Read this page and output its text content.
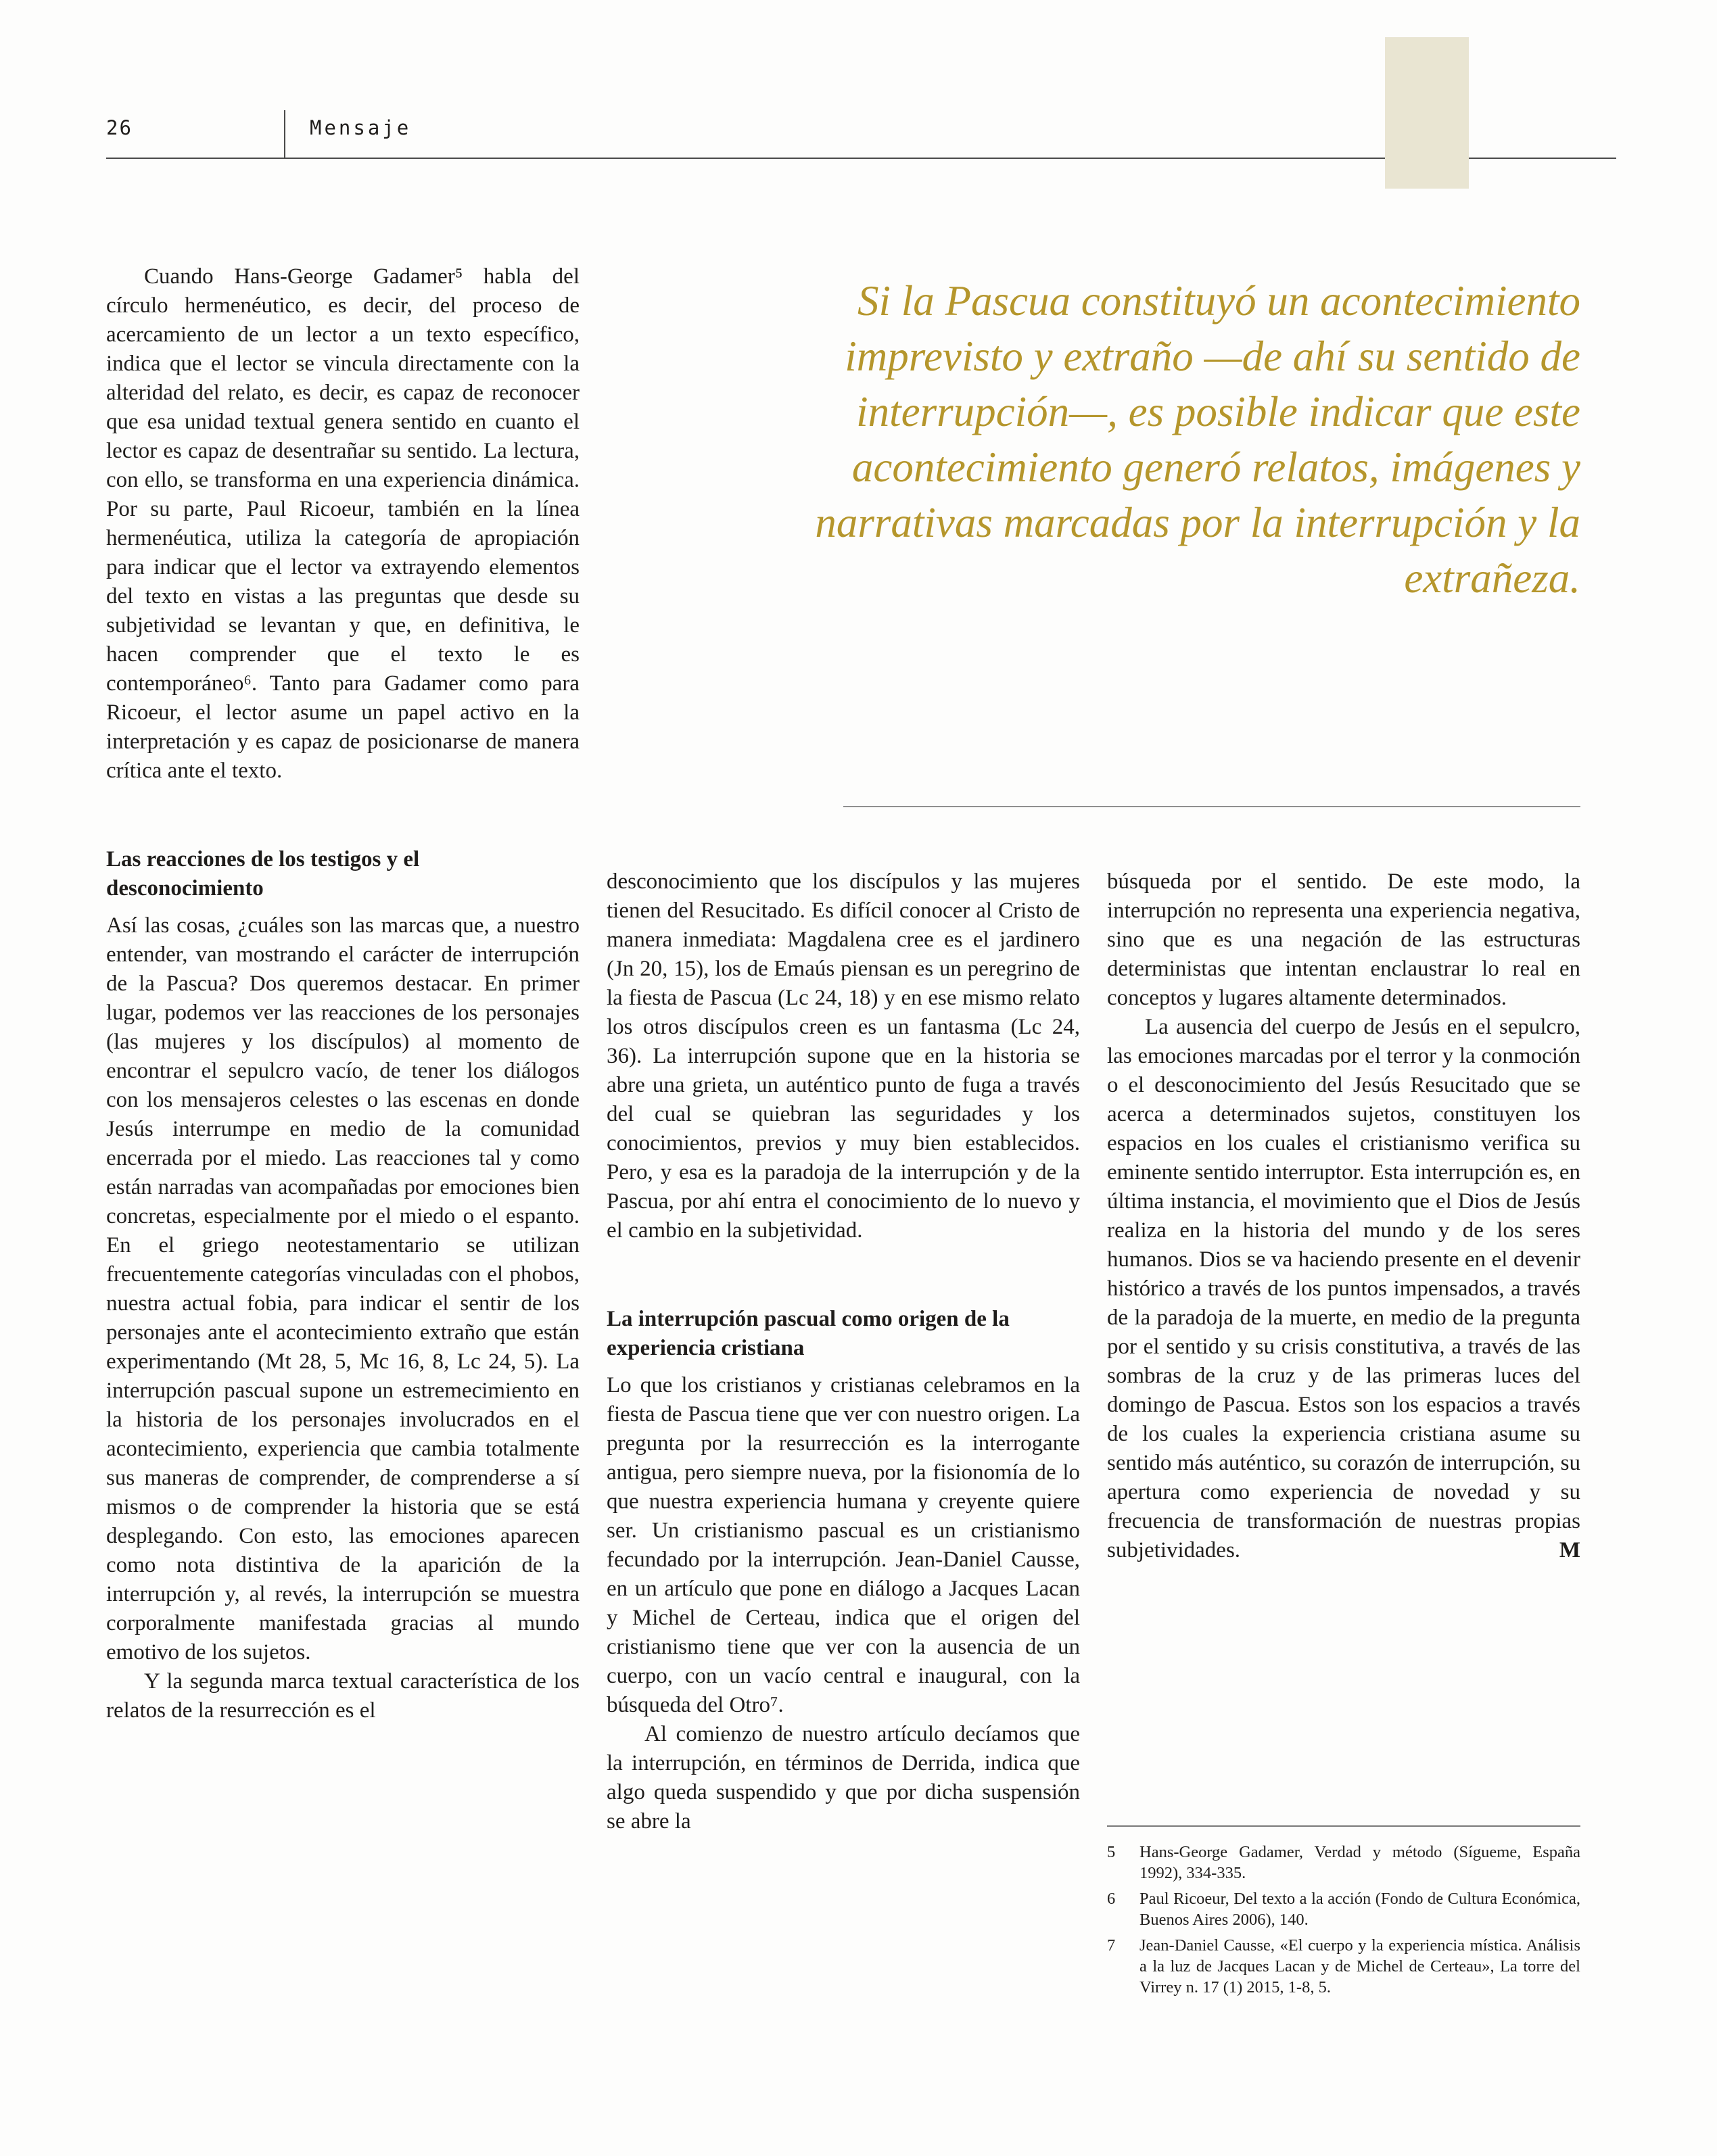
26	Mensaje
Si la Pascua constituyó un acontecimiento imprevisto y extraño —de ahí su sentido de interrupción—, es posible indicar que este acontecimiento generó relatos, imágenes y narrativas marcadas por la interrupción y la extrañeza.

Cuando Hans-George Gadamer⁵ habla del círculo hermenéutico, es decir, del proceso de acercamiento de un lector a un texto específico, indica que el lector se vincula directamente con la alteridad del relato, es decir, es capaz de reconocer que esa unidad textual genera sentido en cuanto el lector es capaz de desentrañar su sentido. La lectura, con ello, se transforma en una experiencia dinámica. Por su parte, Paul Ricoeur, también en la línea hermenéutica, utiliza la categoría de apropiación para indicar que el lector va extrayendo elementos del texto en vistas a las preguntas que desde su subjetividad se levantan y que, en definitiva, le hacen comprender que el texto le es contemporáneo⁶. Tanto para Gadamer como para Ricoeur, el lector asume un papel activo en la interpretación y es capaz de posicionarse de manera crítica ante el texto.

Las reacciones de los testigos y el desconocimiento

Así las cosas, ¿cuáles son las marcas que, a nuestro entender, van mostrando el carácter de interrupción de la Pascua? Dos queremos destacar. En primer lugar, podemos ver las reacciones de los personajes (las mujeres y los discípulos) al momento de encontrar el sepulcro vacío, de tener los diálogos con los mensajeros celestes o las escenas en donde Jesús interrumpe en medio de la comunidad encerrada por el miedo. Las reacciones tal y como están narradas van acompañadas por emociones bien concretas, especialmente por el miedo o el espanto. En el griego neotestamentario se utilizan frecuentemente categorías vinculadas con el phobos, nuestra actual fobia, para indicar el sentir de los personajes ante el acontecimiento extraño que están experimentando (Mt 28, 5, Mc 16, 8, Lc 24, 5). La interrupción pascual supone un estremecimiento en la historia de los personajes involucrados en el acontecimiento, experiencia que cambia totalmente sus maneras de comprender, de comprenderse a sí mismos o de comprender la historia que se está desplegando. Con esto, las emociones aparecen como nota distintiva de la aparición de la interrupción y, al revés, la interrupción se muestra corporalmente manifestada gracias al mundo emotivo de los sujetos.

Y la segunda marca textual característica de los relatos de la resurrección es el

desconocimiento que los discípulos y las mujeres tienen del Resucitado. Es difícil conocer al Cristo de manera inmediata: Magdalena cree es el jardinero (Jn 20, 15), los de Emaús piensan es un peregrino de la fiesta de Pascua (Lc 24, 18) y en ese mismo relato los otros discípulos creen es un fantasma (Lc 24, 36). La interrupción supone que en la historia se abre una grieta, un auténtico punto de fuga a través del cual se quiebran las seguridades y los conocimientos, previos y muy bien establecidos. Pero, y esa es la paradoja de la interrupción y de la Pascua, por ahí entra el conocimiento de lo nuevo y el cambio en la subjetividad.

La interrupción pascual como origen de la experiencia cristiana

Lo que los cristianos y cristianas celebramos en la fiesta de Pascua tiene que ver con nuestro origen. La pregunta por la resurrección es la interrogante antigua, pero siempre nueva, por la fisionomía de lo que nuestra experiencia humana y creyente quiere ser. Un cristianismo pascual es un cristianismo fecundado por la interrupción. Jean-Daniel Causse, en un artículo que pone en diálogo a Jacques Lacan y Michel de Certeau, indica que el origen del cristianismo tiene que ver con la ausencia de un cuerpo, con un vacío central e inaugural, con la búsqueda del Otro⁷.

Al comienzo de nuestro artículo decíamos que la interrupción, en términos de Derrida, indica que algo queda suspendido y que por dicha suspensión se abre la

búsqueda por el sentido. De este modo, la interrupción no representa una experiencia negativa, sino que es una negación de las estructuras deterministas que intentan enclaustrar lo real en conceptos y lugares altamente determinados.

La ausencia del cuerpo de Jesús en el sepulcro, las emociones marcadas por el terror y la conmoción o el desconocimiento del Jesús Resucitado que se acerca a determinados sujetos, constituyen los espacios en los cuales el cristianismo verifica su eminente sentido interruptor. Esta interrupción es, en última instancia, el movimiento que el Dios de Jesús realiza en la historia del mundo y de los seres humanos. Dios se va haciendo presente en el devenir histórico a través de los puntos impensados, a través de la paradoja de la muerte, en medio de la pregunta por el sentido y su crisis constitutiva, a través de las sombras de la cruz y de las primeras luces del domingo de Pascua. Estos son los espacios a través de los cuales la experiencia cristiana asume su sentido más auténtico, su corazón de interrupción, su apertura como experiencia de novedad y su frecuencia de transformación de nuestras propias subjetividades.	M

5	Hans-George Gadamer, Verdad y método (Sígueme, España 1992), 334-335.
6	Paul Ricoeur, Del texto a la acción (Fondo de Cultura Económica, Buenos Aires 2006), 140.
7	Jean-Daniel Causse, «El cuerpo y la experiencia mística. Análisis a la luz de Jacques Lacan y de Michel de Certeau», La torre del Virrey n. 17 (1) 2015, 1-8, 5.
